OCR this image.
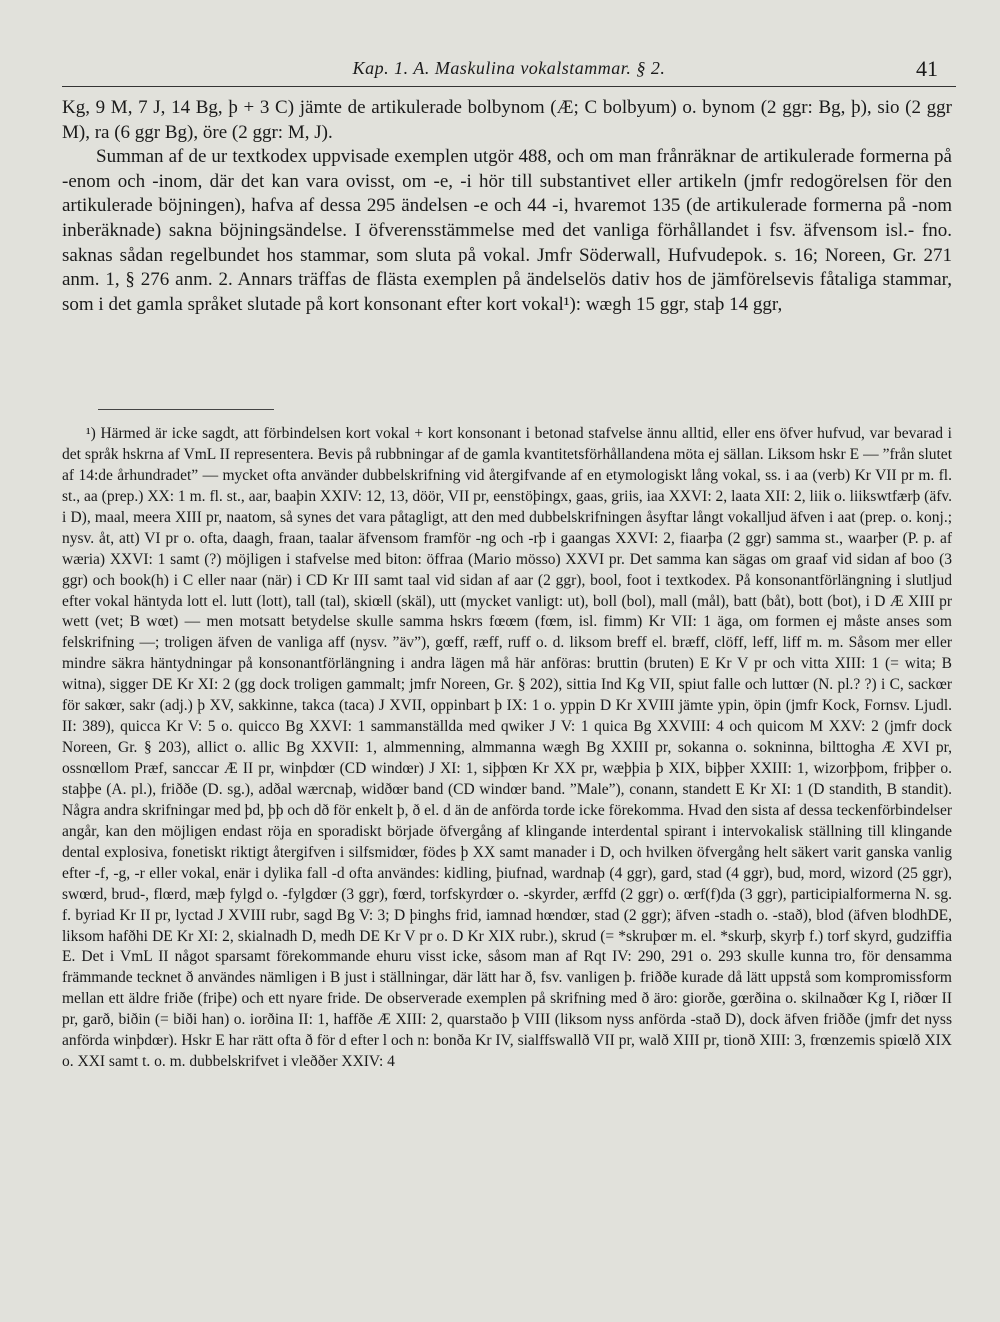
Kap. 1. A. Maskulina vokalstammar. § 2.	41

Kg, 9 M, 7 J, 14 Bg, þ + 3 C) jämte de artikulerade bolbynom (Æ; C bolbyum) o. bynom (2 ggr: Bg, þ), sio (2 ggr M), ra (6 ggr Bg), öre (2 ggr: M, J).

Summan af de ur textkodex uppvisade exemplen utgör 488, och om man frånräknar de artikulerade formerna på -enom och -inom, där det kan vara ovisst, om -e, -i hör till substantivet eller artikeln (jmfr redogörelsen för den artikulerade böjningen), hafva af dessa 295 ändelsen -e och 44 -i, hvaremot 135 (de artikulerade formerna på -nom inberäknade) sakna böjningsändelse. I öfverensstämmelse med det vanliga förhållandet i fsv. äfvensom isl.- fno. saknas sådan regelbundet hos stammar, som sluta på vokal. Jmfr Söderwall, Hufvudepok. s. 16; Noreen, Gr. 271 anm. 1, § 276 anm. 2. Annars träffas de flästa exemplen på ändelselös dativ hos de jämförelsevis fåtaliga stammar, som i det gamla språket slutade på kort konsonant efter kort vokal¹): wægh 15 ggr, staþ 14 ggr,

¹) Härmed är icke sagdt, att förbindelsen kort vokal + kort konsonant i betonad stafvelse ännu alltid, eller ens öfver hufvud, var bevarad i det språk hskrna af VmL II representera. Bevis på rubbningar af de gamla kvantitetsförhållandena möta ej sällan. Liksom hskr E — ”från slutet af 14:de århundradet” — mycket ofta använder dubbelskrifning vid återgifvande af en etymologiskt lång vokal, ss. i aa (verb) Kr VII pr m. fl. st., aa (prep.) XX: 1 m. fl. st., aar, baaþin XXIV: 12, 13, döör, VII pr, eenstöþingx, gaas, griis, iaa XXVI: 2, laata XII: 2, liik o. liikswtfærþ (äfv. i D), maal, meera XIII pr, naatom, så synes det vara påtagligt, att den med dubbelskrifningen åsyftar långt vokalljud äfven i aat (prep. o. konj.; nysv. åt, att) VI pr o. ofta, daagh, fraan, taalar äfvensom framför -ng och -rþ i gaangas XXVI: 2, fiaarþa (2 ggr) samma st., waarþer (P. p. af wæria) XXVI: 1 samt (?) möjligen i stafvelse med biton: öffraa (Mario mösso) XXVI pr. Det samma kan sägas om graaf vid sidan af boo (3 ggr) och book(h) i C eller naar (när) i CD Kr III samt taal vid sidan af aar (2 ggr), bool, foot i textkodex. På konsonantförlängning i slutljud efter vokal häntyda lott el. lutt (lott), tall (tal), skiœll (skäl), utt (mycket vanligt: ut), boll (bol), mall (mål), batt (båt), bott (bot), i D Æ XIII pr wett (vet; B wœt) — men motsatt betydelse skulle samma hskrs fœœm (fœm, isl. fimm) Kr VII: 1 äga, om formen ej måste anses som felskrifning —; troligen äfven de vanliga aff (nysv. ”äv”), gœff, ræff, ruff o. d. liksom breff el. bræff, clöff, leff, liff m. m. Såsom mer eller mindre säkra häntydningar på konsonantförlängning i andra lägen må här anföras: bruttin (bruten) E Kr V pr och vitta XIII: 1 (= wita; B witna), sigger DE Kr XI: 2 (gg dock troligen gammalt; jmfr Noreen, Gr. § 202), sittia Ind Kg VII, spiut falle och luttœr (N. pl.? ?) i C, sackœr för sakœr, sakr (adj.) þ XV, sakkinne, takca (taca) J XVII, oppinbart þ IX: 1 o. yppin D Kr XVIII jämte ypin, öpin (jmfr Kock, Fornsv. Ljudl. II: 389), quicca Kr V: 5 o. quicco Bg XXVI: 1 sammanställda med qwiker J V: 1 quica Bg XXVIII: 4 och quicom M XXV: 2 (jmfr dock Noreen, Gr. § 203), allict o. allic Bg XXVII: 1, almmenning, almmanna wægh Bg XXIII pr, sokanna o. sokninna, bilttogha Æ XVI pr, ossnœllom Præf, sanccar Æ II pr, winþdœr (CD windœr) J XI: 1, siþþœn Kr XX pr, wæþþia þ XIX, biþþer XXIII: 1, wizorþþom, friþþer o. staþþe (A. pl.), friððe (D. sg.), adðal wærcnaþ, widðœr band (CD windœr band. ”Male”), conann, standett E Kr XI: 1 (D standith, B standit). Några andra skrifningar med þd, þþ och dð för enkelt þ, ð el. d än de anförda torde icke förekomma. Hvad den sista af dessa teckenförbindelser angår, kan den möjligen endast röja en sporadiskt började öfvergång af klingande interdental spirant i intervokalisk ställning till klingande dental explosiva, fonetiskt riktigt återgifven i silfsmidœr, födes þ XX samt manader i D, och hvilken öfvergång helt säkert varit ganska vanlig efter -f, -g, -r eller vokal, enär i dylika fall -d ofta användes: kidling, þiufnad, wardnaþ (4 ggr), gard, stad (4 ggr), bud, mord, wizord (25 ggr), swœrd, brud-, flœrd, mæþ fylgd o. -fylgdœr (3 ggr), fœrd, torfskyrdœr o. -skyrder, ærffd (2 ggr) o. œrf(f)da (3 ggr), participialformerna N. sg. f. byriad Kr II pr, lyctad J XVIII rubr, sagd Bg V: 3; D þinghs frid, iamnad hœndœr, stad (2 ggr); äfven -stadh o. -stað), blod (äfven blodhDE, liksom hafðhi DE Kr XI: 2, skialnadh D, medh DE Kr V pr o. D Kr XIX rubr.), skrud (= *skruþœr m. el. *skurþ, skyrþ f.) torf skyrd, gudziffia E. Det i VmL II något sparsamt förekommande ehuru visst icke, såsom man af Rqt IV: 290, 291 o. 293 skulle kunna tro, för densamma främmande tecknet ð användes nämligen i B just i ställningar, där lätt har ð, fsv. vanligen þ. friððe kurade då lätt uppstå som kompromissform mellan ett äldre friðe (friþe) och ett nyare fride. De observerade exemplen på skrifning med ð äro: giorðe, gœrðina o. skilnaðœr Kg I, riðœr II pr, garð, biðin (= biði han) o. iorðina II: 1, haffðe Æ XIII: 2, quarstaðo þ VIII (liksom nyss anförda -stað D), dock äfven friððe (jmfr det nyss anförda winþdœr). Hskr E har rätt ofta ð för d efter l och n: bonða Kr IV, sialffswallð VII pr, walð XIII pr, tionð XIII: 3, frœnzemis spiœlð XIX o. XXI samt t. o. m. dubbelskrifvet i vleððer XXIV: 4
